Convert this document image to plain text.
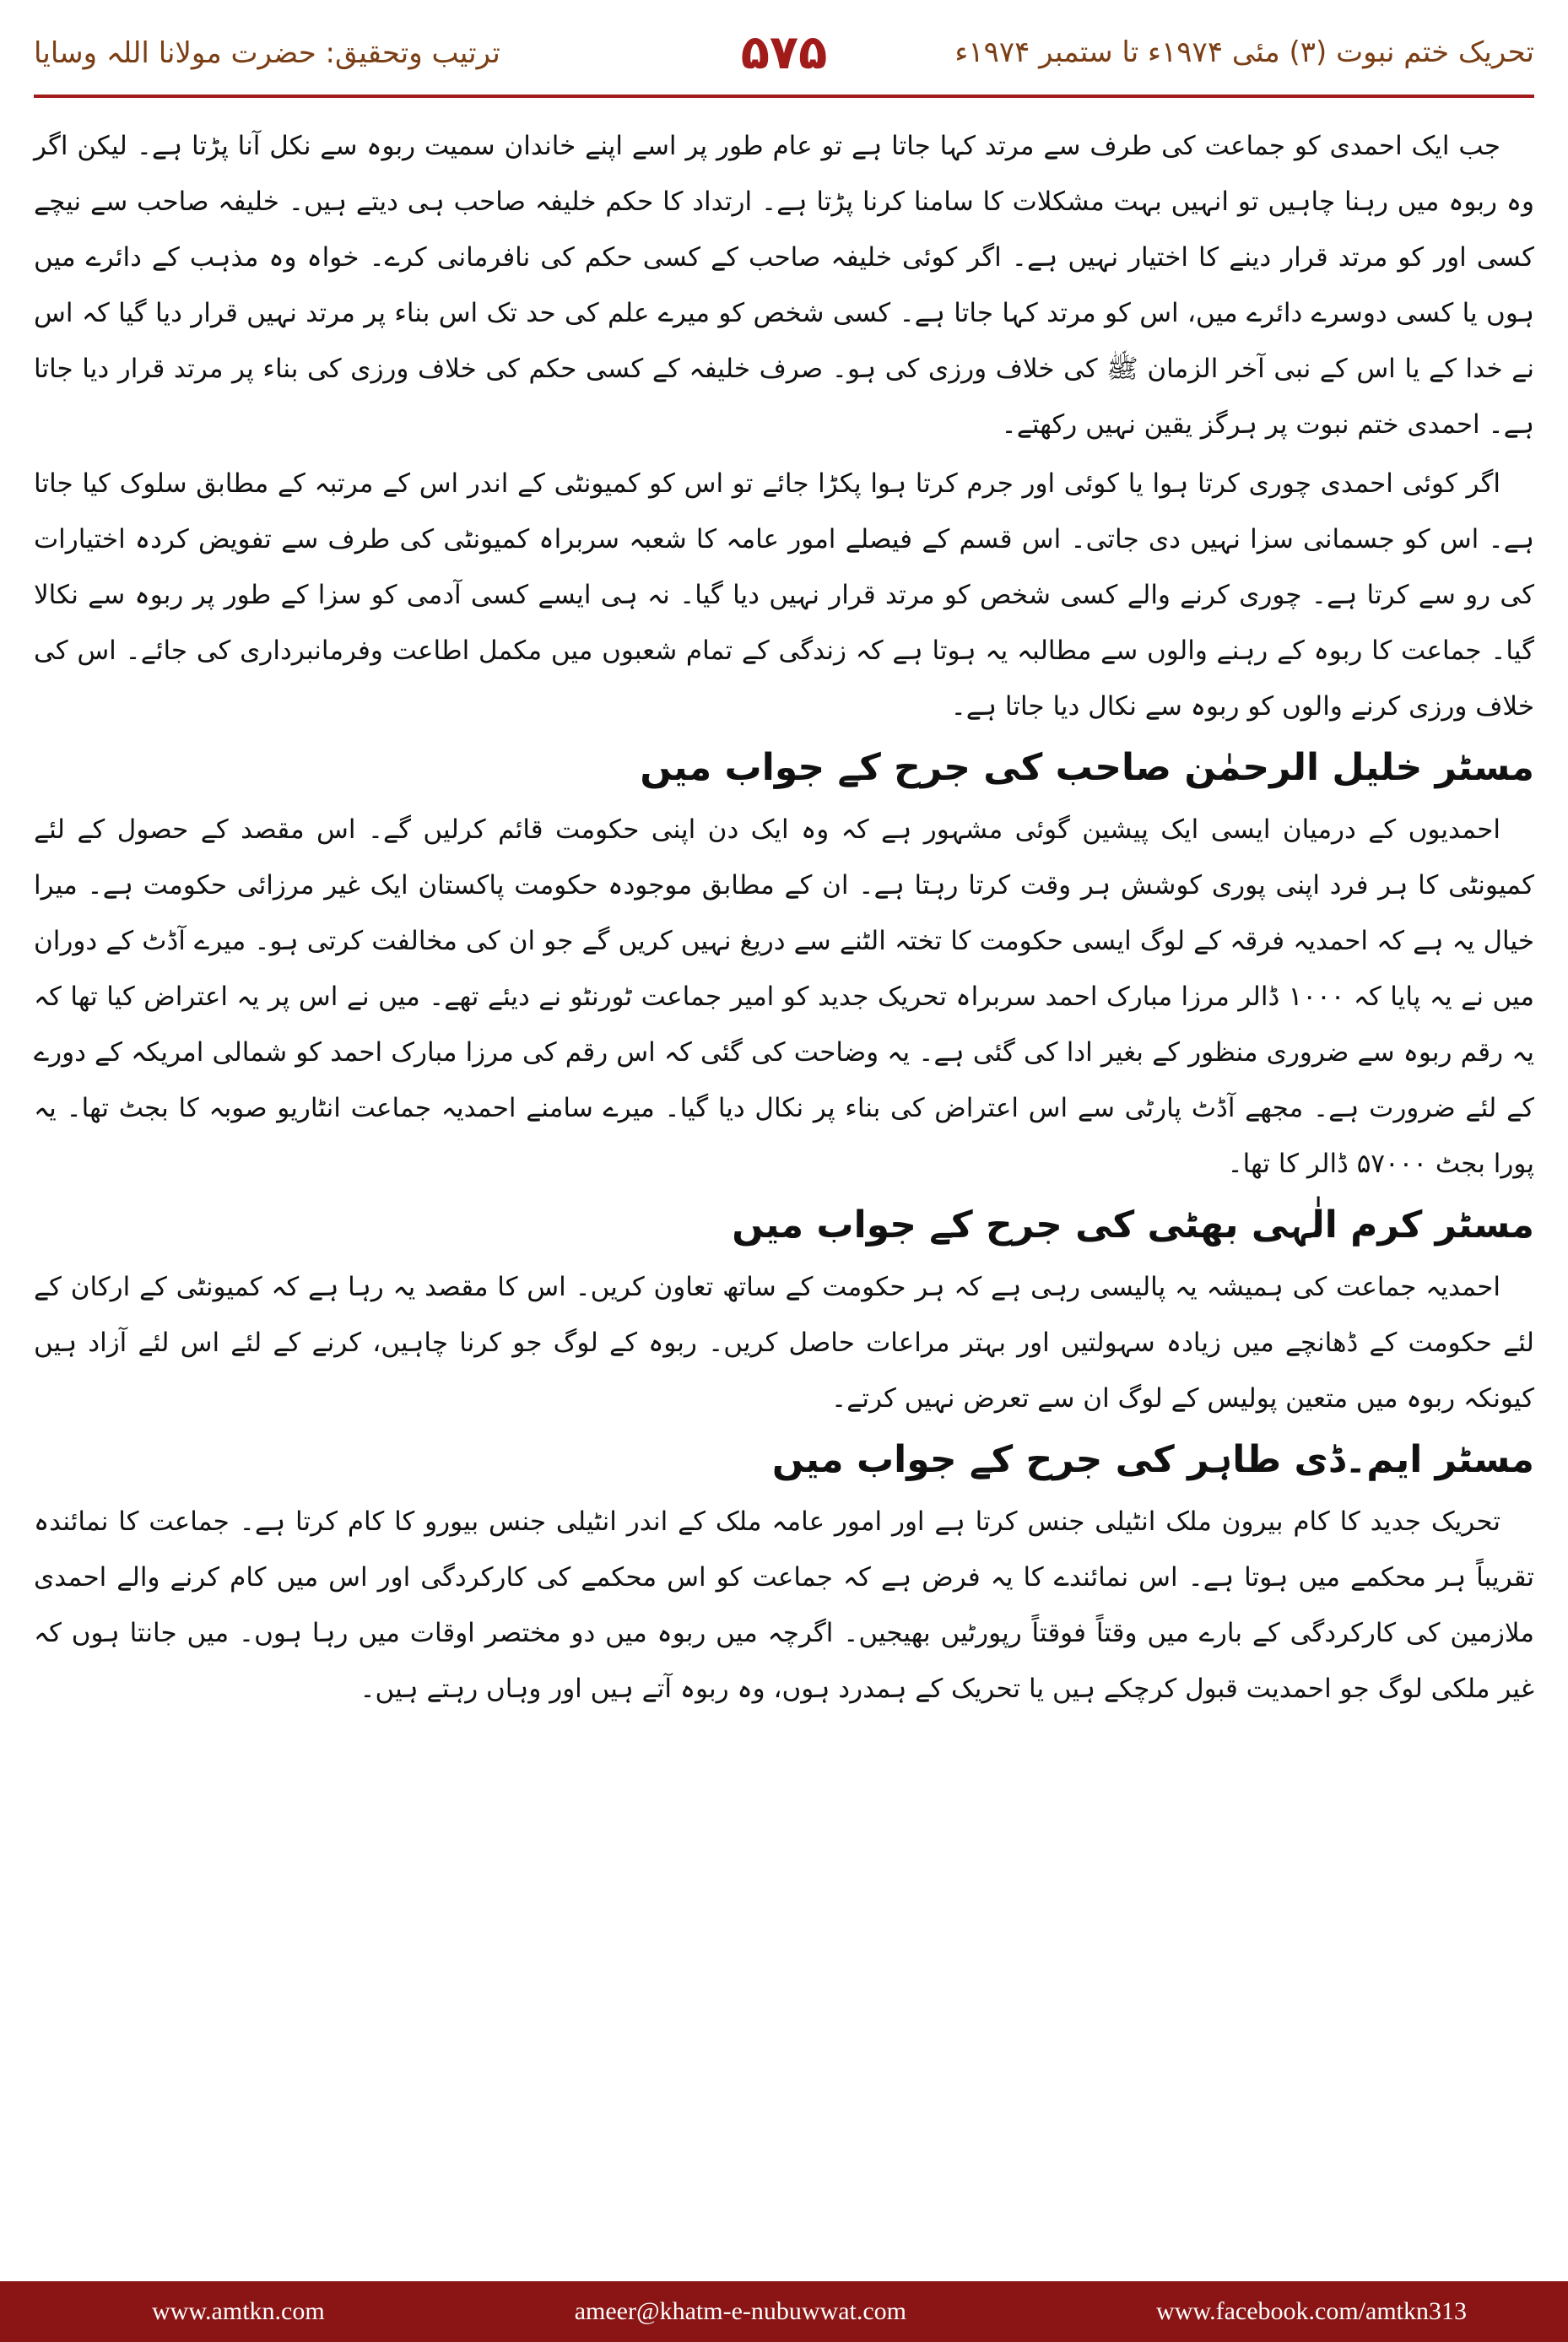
ترتیب وتحقیق: حضرت مولانا اللہ وسایا	۵۷۵	تحریک ختم نبوت (۳) مئی ۱۹۷۴ء تا ستمبر ۱۹۷۴ء

جب ایک احمدی کو جماعت کی طرف سے مرتد کہا جاتا ہے تو عام طور پر اسے اپنے خاندان سمیت ربوہ سے نکل آنا پڑتا ہے۔ لیکن اگر وہ ربوہ میں رہنا چاہیں تو انہیں بہت مشکلات کا سامنا کرنا پڑتا ہے۔ ارتداد کا حکم خلیفہ صاحب ہی دیتے ہیں۔ خلیفہ صاحب سے نیچے کسی اور کو مرتد قرار دینے کا اختیار نہیں ہے۔ اگر کوئی خلیفہ صاحب کے کسی حکم کی نافرمانی کرے۔ خواہ وہ مذہب کے دائرے میں ہوں یا کسی دوسرے دائرے میں، اس کو مرتد کہا جاتا ہے۔ کسی شخص کو میرے علم کی حد تک اس بناء پر مرتد نہیں قرار دیا گیا کہ اس نے خدا کے یا اس کے نبی آخر الزمان ﷺ کی خلاف ورزی کی ہو۔ صرف خلیفہ کے کسی حکم کی خلاف ورزی کی بناء پر مرتد قرار دیا جاتا ہے۔ احمدی ختم نبوت پر ہرگز یقین نہیں رکھتے۔

اگر کوئی احمدی چوری کرتا ہوا یا کوئی اور جرم کرتا ہوا پکڑا جائے تو اس کو کمیونٹی کے اندر اس کے مرتبہ کے مطابق سلوک کیا جاتا ہے۔ اس کو جسمانی سزا نہیں دی جاتی۔ اس قسم کے فیصلے امور عامہ کا شعبہ سربراہ کمیونٹی کی طرف سے تفویض کردہ اختیارات کی رو سے کرتا ہے۔ چوری کرنے والے کسی شخص کو مرتد قرار نہیں دیا گیا۔ نہ ہی ایسے کسی آدمی کو سزا کے طور پر ربوہ سے نکالا گیا۔ جماعت کا ربوہ کے رہنے والوں سے مطالبہ یہ ہوتا ہے کہ زندگی کے تمام شعبوں میں مکمل اطاعت وفرمانبرداری کی جائے۔ اس کی خلاف ورزی کرنے والوں کو ربوہ سے نکال دیا جاتا ہے۔

مسٹر خلیل الرحمٰن صاحب کی جرح کے جواب میں

احمدیوں کے درمیان ایسی ایک پیشین گوئی مشہور ہے کہ وہ ایک دن اپنی حکومت قائم کرلیں گے۔ اس مقصد کے حصول کے لئے کمیونٹی کا ہر فرد اپنی پوری کوشش ہر وقت کرتا رہتا ہے۔ ان کے مطابق موجودہ حکومت پاکستان ایک غیر مرزائی حکومت ہے۔ میرا خیال یہ ہے کہ احمدیہ فرقہ کے لوگ ایسی حکومت کا تختہ الٹنے سے دریغ نہیں کریں گے جو ان کی مخالفت کرتی ہو۔ میرے آڈٹ کے دوران میں نے یہ پایا کہ ۱۰۰۰ ڈالر مرزا مبارک احمد سربراہ تحریک جدید کو امیر جماعت ٹورنٹو نے دیئے تھے۔ میں نے اس پر یہ اعتراض کیا تھا کہ یہ رقم ربوہ سے ضروری منظور کے بغیر ادا کی گئی ہے۔ یہ وضاحت کی گئی کہ اس رقم کی مرزا مبارک احمد کو شمالی امریکہ کے دورے کے لئے ضرورت ہے۔ مجھے آڈٹ پارٹی سے اس اعتراض کی بناء پر نکال دیا گیا۔ میرے سامنے احمدیہ جماعت انٹاریو صوبہ کا بجٹ تھا۔ یہ پورا بجٹ ۵۷۰۰۰ ڈالر کا تھا۔

مسٹر کرم الٰہی بھٹی کی جرح کے جواب میں

احمدیہ جماعت کی ہمیشہ یہ پالیسی رہی ہے کہ ہر حکومت کے ساتھ تعاون کریں۔ اس کا مقصد یہ رہا ہے کہ کمیونٹی کے ارکان کے لئے حکومت کے ڈھانچے میں زیادہ سہولتیں اور بہتر مراعات حاصل کریں۔ ربوہ کے لوگ جو کرنا چاہیں، کرنے کے لئے اس لئے آزاد ہیں کیونکہ ربوہ میں متعین پولیس کے لوگ ان سے تعرض نہیں کرتے۔

مسٹر ایم۔ڈی طاہر کی جرح کے جواب میں

تحریک جدید کا کام بیرون ملک انٹیلی جنس کرتا ہے اور امور عامہ ملک کے اندر انٹیلی جنس بیورو کا کام کرتا ہے۔ جماعت کا نمائندہ تقریباً ہر محکمے میں ہوتا ہے۔ اس نمائندے کا یہ فرض ہے کہ جماعت کو اس محکمے کی کارکردگی اور اس میں کام کرنے والے احمدی ملازمین کی کارکردگی کے بارے میں وقتاً فوقتاً رپورٹیں بھیجیں۔ اگرچہ میں ربوہ میں دو مختصر اوقات میں رہا ہوں۔ میں جانتا ہوں کہ غیر ملکی لوگ جو احمدیت قبول کرچکے ہیں یا تحریک کے ہمدرد ہوں، وہ ربوہ آتے ہیں اور وہاں رہتے ہیں۔

www.amtkn.com	ameer@khatm-e-nubuwwat.com	www.facebook.com/amtkn313
